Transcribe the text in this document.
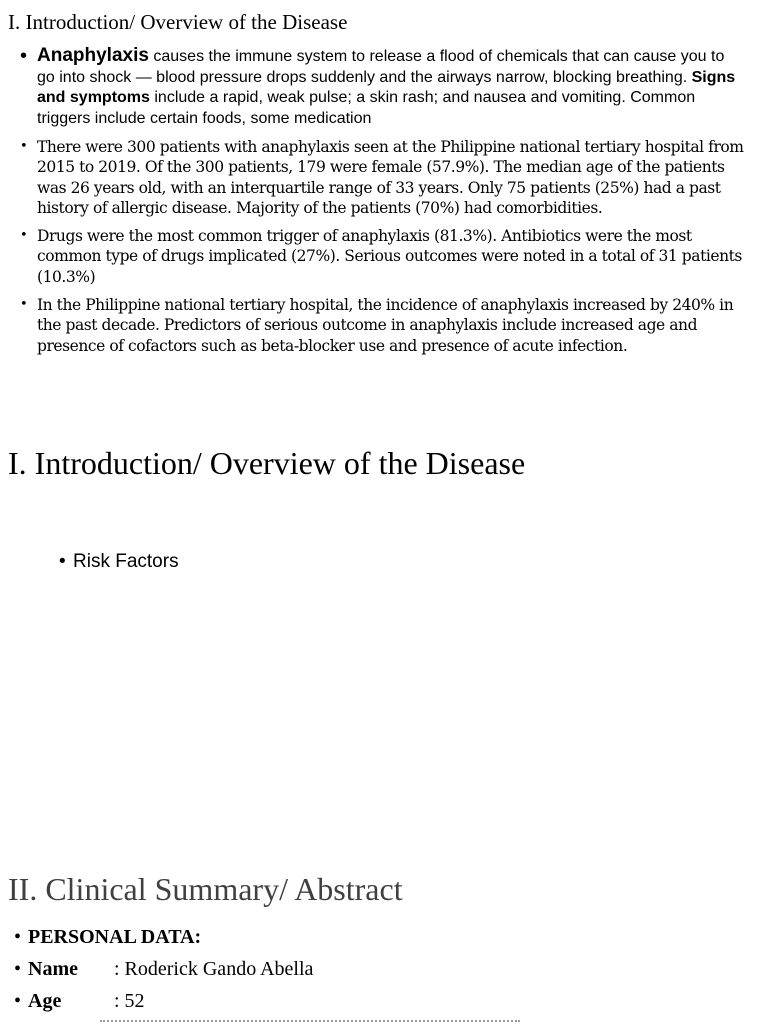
I. Introduction/ Overview of the Disease
• Anaphylaxis causes the immune system to release a flood of chemicals that can cause you to go into shock — blood pressure drops suddenly and the airways narrow, blocking breathing. Signs and symptoms include a rapid, weak pulse; a skin rash; and nausea and vomiting. Common triggers include certain foods, some medication
• There were 300 patients with anaphylaxis seen at the Philippine national tertiary hospital from 2015 to 2019. Of the 300 patients, 179 were female (57.9%). The median age of the patients was 26 years old, with an interquartile range of 33 years. Only 75 patients (25%) had a past history of allergic disease. Majority of the patients (70%) had comorbidities.
• Drugs were the most common trigger of anaphylaxis (81.3%). Antibiotics were the most common type of drugs implicated (27%). Serious outcomes were noted in a total of 31 patients (10.3%)
• In the Philippine national tertiary hospital, the incidence of anaphylaxis increased by 240% in the past decade. Predictors of serious outcome in anaphylaxis include increased age and presence of cofactors such as beta-blocker use and presence of acute infection.
I. Introduction/ Overview of the Disease
• Risk Factors
II. Clinical Summary/ Abstract
• PERSONAL DATA:
• Name : Roderick Gando Abella
• Age	: 52
